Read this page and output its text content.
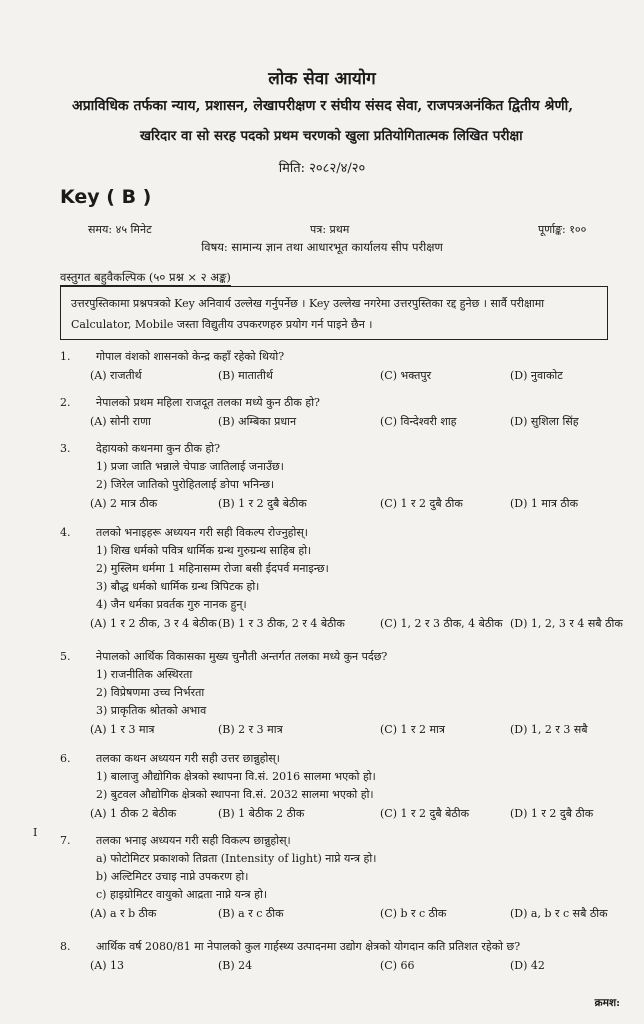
लोक सेवा आयोग
अप्राविधिक तर्फका न्याय, प्रशासन, लेखापरीक्षण र संघीय संसद सेवा, राजपत्रअनंकित द्वितीय श्रेणी,
खरिदार वा सो सरह पदको प्रथम चरणको खुला प्रतियोगितात्मक लिखित परीक्षा
मिति: २०८२/४/२०
Key ( B )
समय: ४५ मिनेट	पत्र: प्रथम	पूर्णाङ्क: १००
विषय: सामान्य ज्ञान तथा आधारभूत कार्यालय सीप परीक्षण
वस्तुगत बहुवैकल्पिक (५० प्रश्न × २ अङ्क)
उत्तरपुस्तिकामा प्रश्नपत्रको Key अनिवार्य उल्लेख गर्नुपर्नेछ । Key उल्लेख नगरेमा उत्तरपुस्तिका रद्द हुनेछ । सार्वै परीक्षामा
Calculator, Mobile जस्ता विद्युतीय उपकरणहरु प्रयोग गर्न पाइने छैन ।
1.	गोपाल वंशको शासनको केन्द्र कहाँ रहेको थियो?
(A) राजतीर्थ	(B) मातातीर्थ	(C) भक्तपुर	(D) नुवाकोट
2.	नेपालको प्रथम महिला राजदूत तलका मध्ये कुन ठीक हो?
(A) सोनी राणा	(B) अम्बिका प्रधान	(C) विन्देश्वरी शाह	(D) सुशिला सिंह
3.	देहायको कथनमा कुन ठीक हो?
1) प्रजा जाति भन्नाले चेपाङ जातिलाई जनाउँछ।
2) जिरेल जातिको पुरोहितलाई ङोपा भनिन्छ।
(A) 2 मात्र ठीक	(B) 1 र 2 दुबै बेठीक	(C) 1 र 2 दुबै ठीक	(D) 1 मात्र ठीक
4.	तलको भनाइहरू अध्ययन गरी सही विकल्प रोज्नुहोस्।
1) शिख धर्मको पवित्र धार्मिक ग्रन्थ गुरुग्रन्थ साहिब हो।
2) मुस्लिम धर्ममा 1 महिनासम्म रोजा बसी ईदपर्व मनाइन्छ।
3) बौद्ध धर्मको धार्मिक ग्रन्थ त्रिपिटक हो।
4) जैन धर्मका प्रवर्तक गुरु नानक हुन्।
(A) 1 र 2 ठीक, 3 र 4 बेठीक (B) 1 र 3 ठीक, 2 र 4 बेठीक	(C) 1, 2 र 3 ठीक, 4 बेठीक (D) 1, 2, 3 र 4 सबै ठीक
5.	नेपालको आर्थिक विकासका मुख्य चुनौती अन्तर्गत तलका मध्ये कुन पर्दछ?
1) राजनीतिक अस्थिरता
2) विप्रेषणमा उच्च निर्भरता
3) प्राकृतिक श्रोतको अभाव
(A) 1 र 3 मात्र	(B) 2 र 3 मात्र	(C) 1 र 2 मात्र	(D) 1, 2 र 3 सबै
6.	तलका कथन अध्ययन गरी सही उत्तर छान्नुहोस्।
1) बालाजु औद्योगिक क्षेत्रको स्थापना वि.सं. 2016 सालमा भएको हो।
2) बुटवल औद्योगिक क्षेत्रको स्थापना वि.सं. 2032 सालमा भएको हो।
(A) 1 ठीक 2 बेठीक	(B) 1 बेठीक 2 ठीक	(C) 1 र 2 दुबै बेठीक	(D) 1 र 2 दुबै ठीक
7.	तलका भनाइ अध्ययन गरी सही विकल्प छान्नुहोस्।
a) फोटोमिटर प्रकाशको तिव्रता (Intensity of light) नाप्ने यन्त्र हो।
b) अल्टिमिटर उचाइ नाप्ने उपकरण हो।
c) हाइग्रोमिटर वायुको आद्रता नाप्ने यन्त्र हो।
(A) a र b ठीक	(B) a र c ठीक	(C) b र c ठीक	(D) a, b र c सबै ठीक
8.	आर्थिक वर्ष 2080/81 मा नेपालको कुल गार्हस्थ्य उत्पादनमा उद्योग क्षेत्रको योगदान कति प्रतिशत रहेको छ?
(A) 13	(B) 24	(C) 66	(D) 42
I
क्रमश:
